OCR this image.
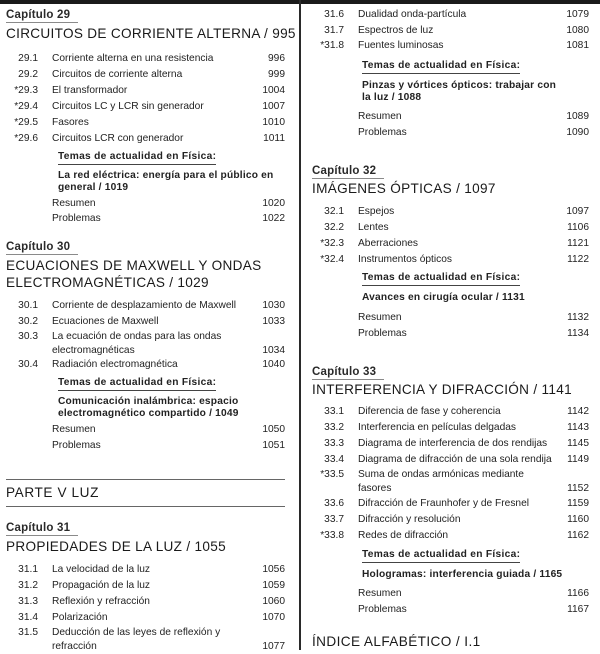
Capítulo 29
CIRCUITOS DE CORRIENTE ALTERNA / 995
29.1 Corriente alterna en una resistencia	996
29.2 Circuitos de corriente alterna	999
*29.3 El transformador	1004
*29.4 Circuitos LC y LCR sin generador	1007
*29.5 Fasores	1010
*29.6 Circuitos LCR con generador	1011
Temas de actualidad en Física:
La red eléctrica: energía para el público en general / 1019
Resumen	1020
Problemas	1022
Capítulo 30
ECUACIONES DE MAXWELL Y ONDAS
ELECTROMAGNÉTICAS / 1029
30.1 Corriente de desplazamiento de Maxwell	1030
30.2 Ecuaciones de Maxwell	1033
30.3 La ecuación de ondas para las ondas electromagnéticas	1034
30.4 Radiación electromagnética	1040
Temas de actualidad en Física:
Comunicación inalámbrica: espacio electromagnético compartido / 1049
Resumen	1050
Problemas	1051
PARTE V LUZ
Capítulo 31
PROPIEDADES DE LA LUZ / 1055
31.1 La velocidad de la luz	1056
31.2 Propagación de la luz	1059
31.3 Reflexión y refracción	1060
31.4 Polarización	1070
31.5 Deducción de las leyes de reflexión y refracción	1077
31.6 Dualidad onda-partícula	1079
31.7 Espectros de luz	1080
*31.8 Fuentes luminosas	1081
Temas de actualidad en Física:
Pinzas y vórtices ópticos: trabajar con la luz / 1088
Resumen	1089
Problemas	1090
Capítulo 32
IMÁGENES ÓPTICAS / 1097
32.1 Espejos	1097
32.2 Lentes	1106
*32.3 Aberraciones	1121
*32.4 Instrumentos ópticos	1122
Temas de actualidad en Física:
Avances en cirugía ocular / 1131
Resumen	1132
Problemas	1134
Capítulo 33
INTERFERENCIA Y DIFRACCIÓN / 1141
33.1 Diferencia de fase y coherencia	1142
33.2 Interferencia en películas delgadas	1143
33.3 Diagrama de interferencia de dos rendijas 1145
33.4 Diagrama de difracción de una sola rendija 1149
*33.5 Suma de ondas armónicas mediante fasores	1152
33.6 Difracción de Fraunhofer y de Fresnel	1159
33.7 Difracción y resolución	1160
*33.8 Redes de difracción	1162
Temas de actualidad en Física:
Hologramas: interferencia guiada / 1165
Resumen	1166
Problemas	1167
ÍNDICE ALFABÉTICO / I.1
